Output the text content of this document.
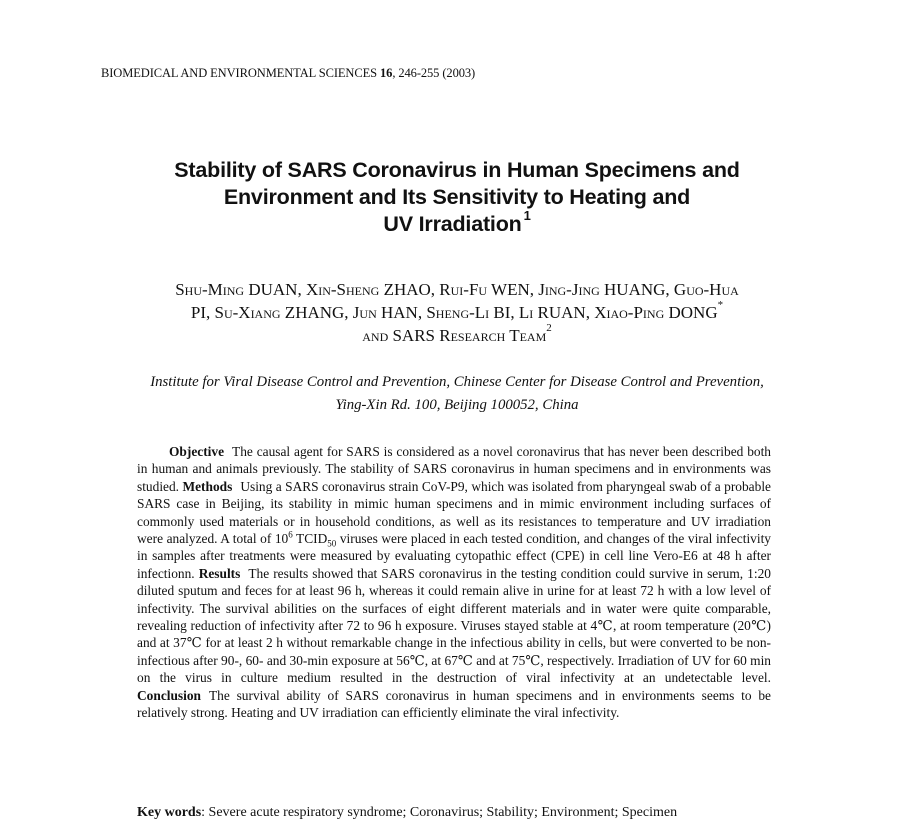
BIOMEDICAL AND ENVIRONMENTAL SCIENCES 16, 246-255 (2003)
Stability of SARS Coronavirus in Human Specimens and
Environment and Its Sensitivity to Heating and
UV Irradiation $^1$
Shu-Ming DUAN, Xin-Sheng ZHAO, Rui-Fu WEN, Jing-Jing HUANG, Guo-Hua
PI, Su-Xiang ZHANG, Jun HAN, Sheng-Li BI, Li RUAN, Xiao-Ping DONG*
and SARS Research Team$^2$
Institute for Viral Disease Control and Prevention, Chinese Center for Disease Control and Prevention,
Ying-Xin Rd. 100, Beijing 100052, China

Objective The causal agent for SARS is considered as a novel coronavirus that has never been described both in human and animals previously. The stability of SARS coronavirus in human specimens and in environments was studied. Methods Using a SARS coronavirus strain CoV-P9, which was isolated from pharyngeal swab of a probable SARS case in Beijing, its stability in mimic human specimens and in mimic environment including surfaces of commonly used materials or in household conditions, as well as its resistances to temperature and UV irradiation were analyzed. A total of $10^6$ $TCID_{50}$ viruses were placed in each tested condition, and changes of the viral infectivity in samples after treatments were measured by evaluating cytopathic effect (CPE) in cell line Vero-E6 at 48 h after infectionn. Results The results showed that SARS coronavirus in the testing condition could survive in serum, 1:20 diluted sputum and feces for at least 96 h, whereas it could remain alive in urine for at least 72 h with a low level of infectivity. The survival abilities on the surfaces of eight different materials and in water were quite comparable, revealing reduction of infectivity after 72 to 96 h exposure. Viruses stayed stable at 4℃, at room temperature (20℃) and at 37℃ for at least 2 h without remarkable change in the infectious ability in cells, but were converted to be non-infectious after 90-, 60- and 30-min exposure at 56℃, at 67℃ and at 75℃, respectively. Irradiation of UV for 60 min on the virus in culture medium resulted in the destruction of viral infectivity at an undetectable level. Conclusion The survival ability of SARS coronavirus in human specimens and in environments seems to be relatively strong. Heating and UV irradiation can efficiently eliminate the viral infectivity.

Key words: Severe acute respiratory syndrome; Coronavirus; Stability; Environment; Specimen
